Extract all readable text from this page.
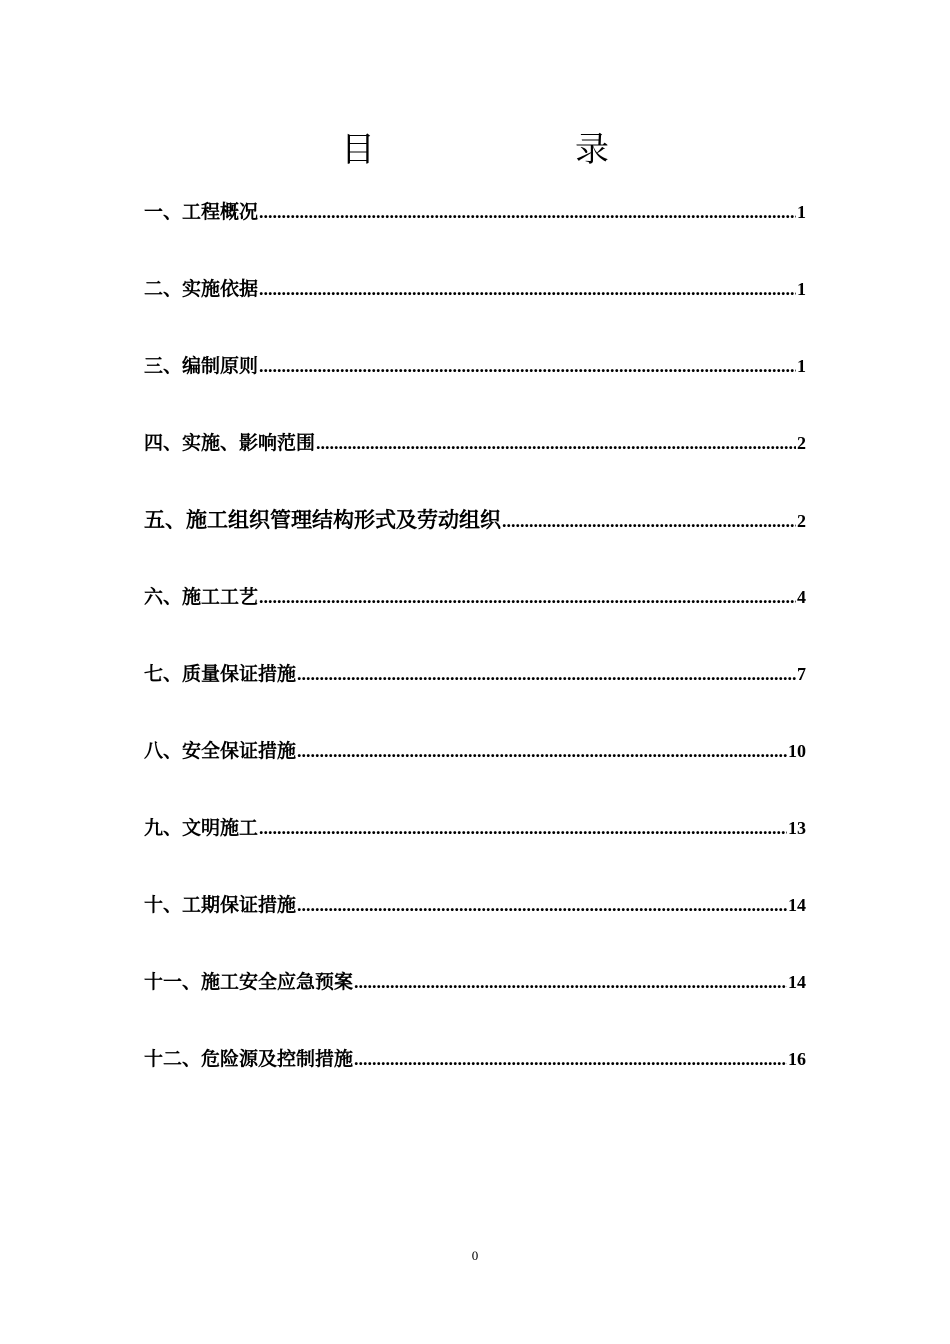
目　　录
一、工程概况 .....	1
二、实施依据 .....	1
三、编制原则 .....	1
四、实施、影响范围 .....	2
五、施工组织管理结构形式及劳动组织 .....	2
六、施工工艺 .....	4
七、质量保证措施 .....	7
八、安全保证措施 .....	10
九、文明施工 .....	13
十、工期保证措施 .....	14
十一、施工安全应急预案 .....	14
十二、危险源及控制措施 .....	16
0
